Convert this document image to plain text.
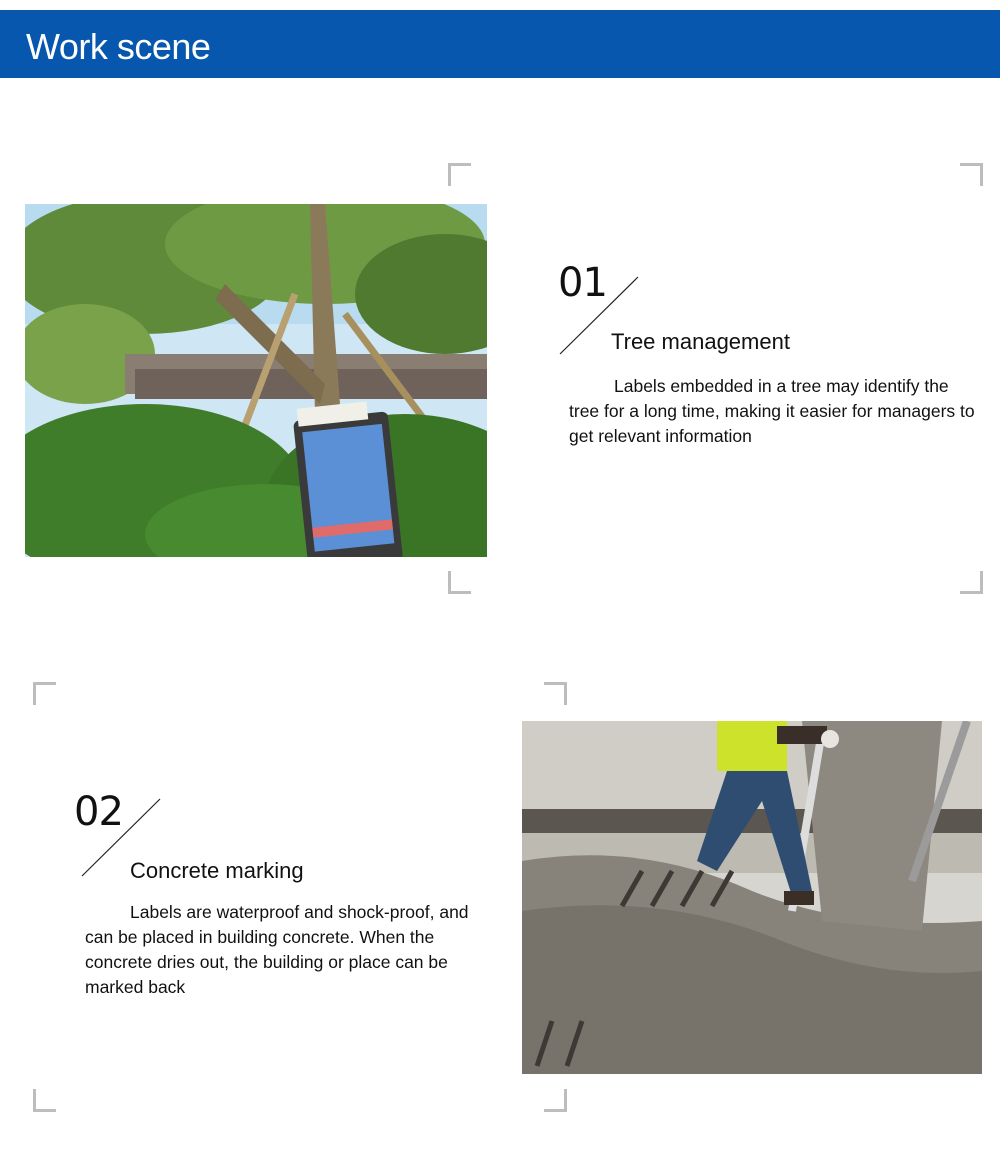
Work scene
01
Tree management

Labels embedded in a tree may identify the tree for a long time, making it easier for managers to get relevant information

02
Concrete marking

Labels are waterproof and shock-proof, and can be placed in building concrete. When the concrete dries out, the building or place can be marked back
